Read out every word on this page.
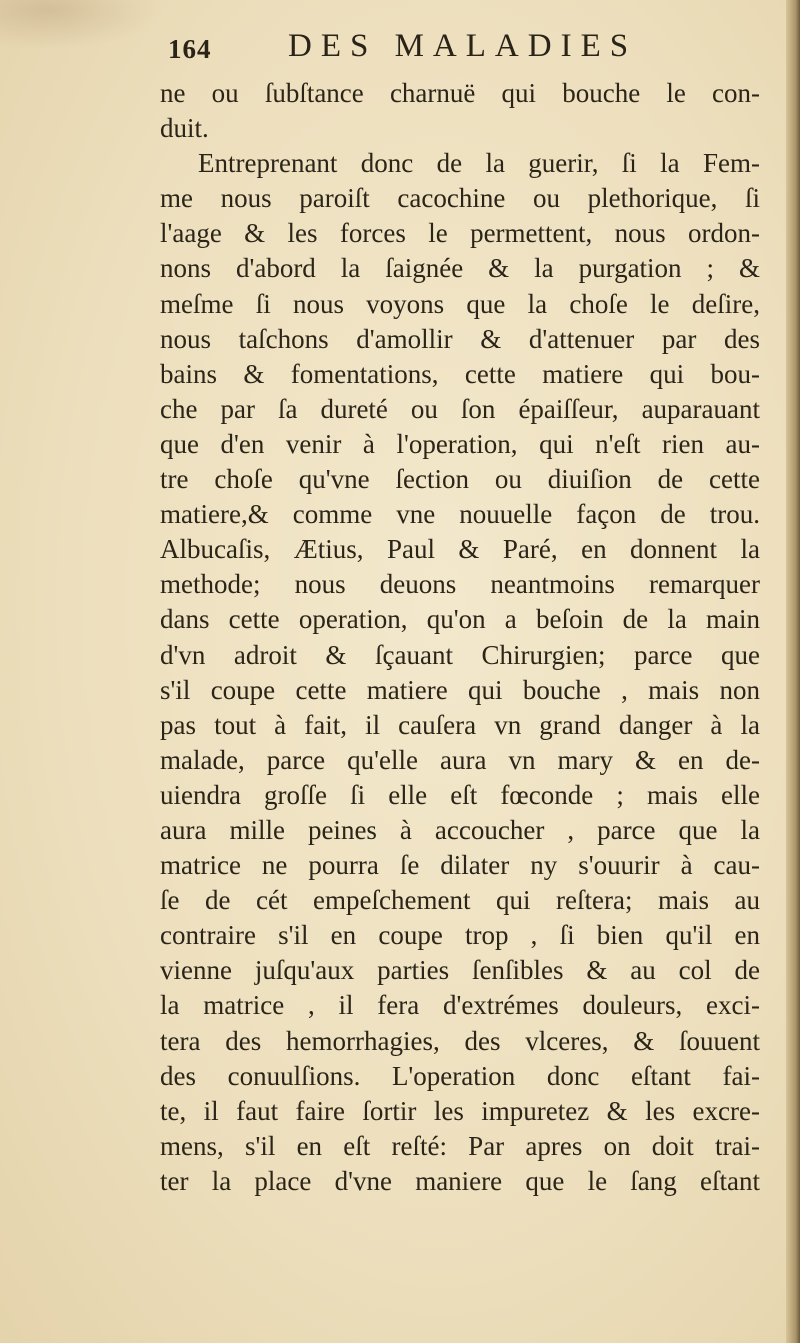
164 DES MALADIES
ne ou ſubſtance charnuë qui bouche le con-
duit.
Entreprenant donc de la guerir, ſi la Fem-
me nous paroiſt cacochine ou plethorique, ſi
l'aage & les forces le permettent, nous ordon-
nons d'abord la ſaignée & la purgation ; &
meſme ſi nous voyons que la choſe le deſire,
nous taſchons d'amollir & d'attenuer par des
bains & fomentations, cette matiere qui bou-
che par ſa dureté ou ſon épaiſſeur, auparauant
que d'en venir à l'operation, qui n'eſt rien au-
tre choſe qu'vne ſection ou diuiſion de cette
matiere,& comme vne nouuelle façon de trou.
Albucaſis, Ætius, Paul & Paré, en donnent la
methode; nous deuons neantmoins remarquer
dans cette operation, qu'on a beſoin de la main
d'vn adroit & ſçauant Chirurgien; parce que
s'il coupe cette matiere qui bouche , mais non
pas tout à fait, il cauſera vn grand danger à la
malade, parce qu'elle aura vn mary & en de-
uiendra groſſe ſi elle eſt fœconde ; mais elle
aura mille peines à accoucher , parce que la
matrice ne pourra ſe dilater ny s'ouurir à cau-
ſe de cét empeſchement qui reſtera; mais au
contraire s'il en coupe trop , ſi bien qu'il en
vienne juſqu'aux parties ſenſibles & au col de
la matrice , il fera d'extrémes douleurs, exci-
tera des hemorrhagies, des vlceres, & ſouuent
des conuulſions. L'operation donc eſtant fai-
te, il faut faire ſortir les impuretez & les excre-
mens, s'il en eſt reſté: Par apres on doit trai-
ter la place d'vne maniere que le ſang eſtant
